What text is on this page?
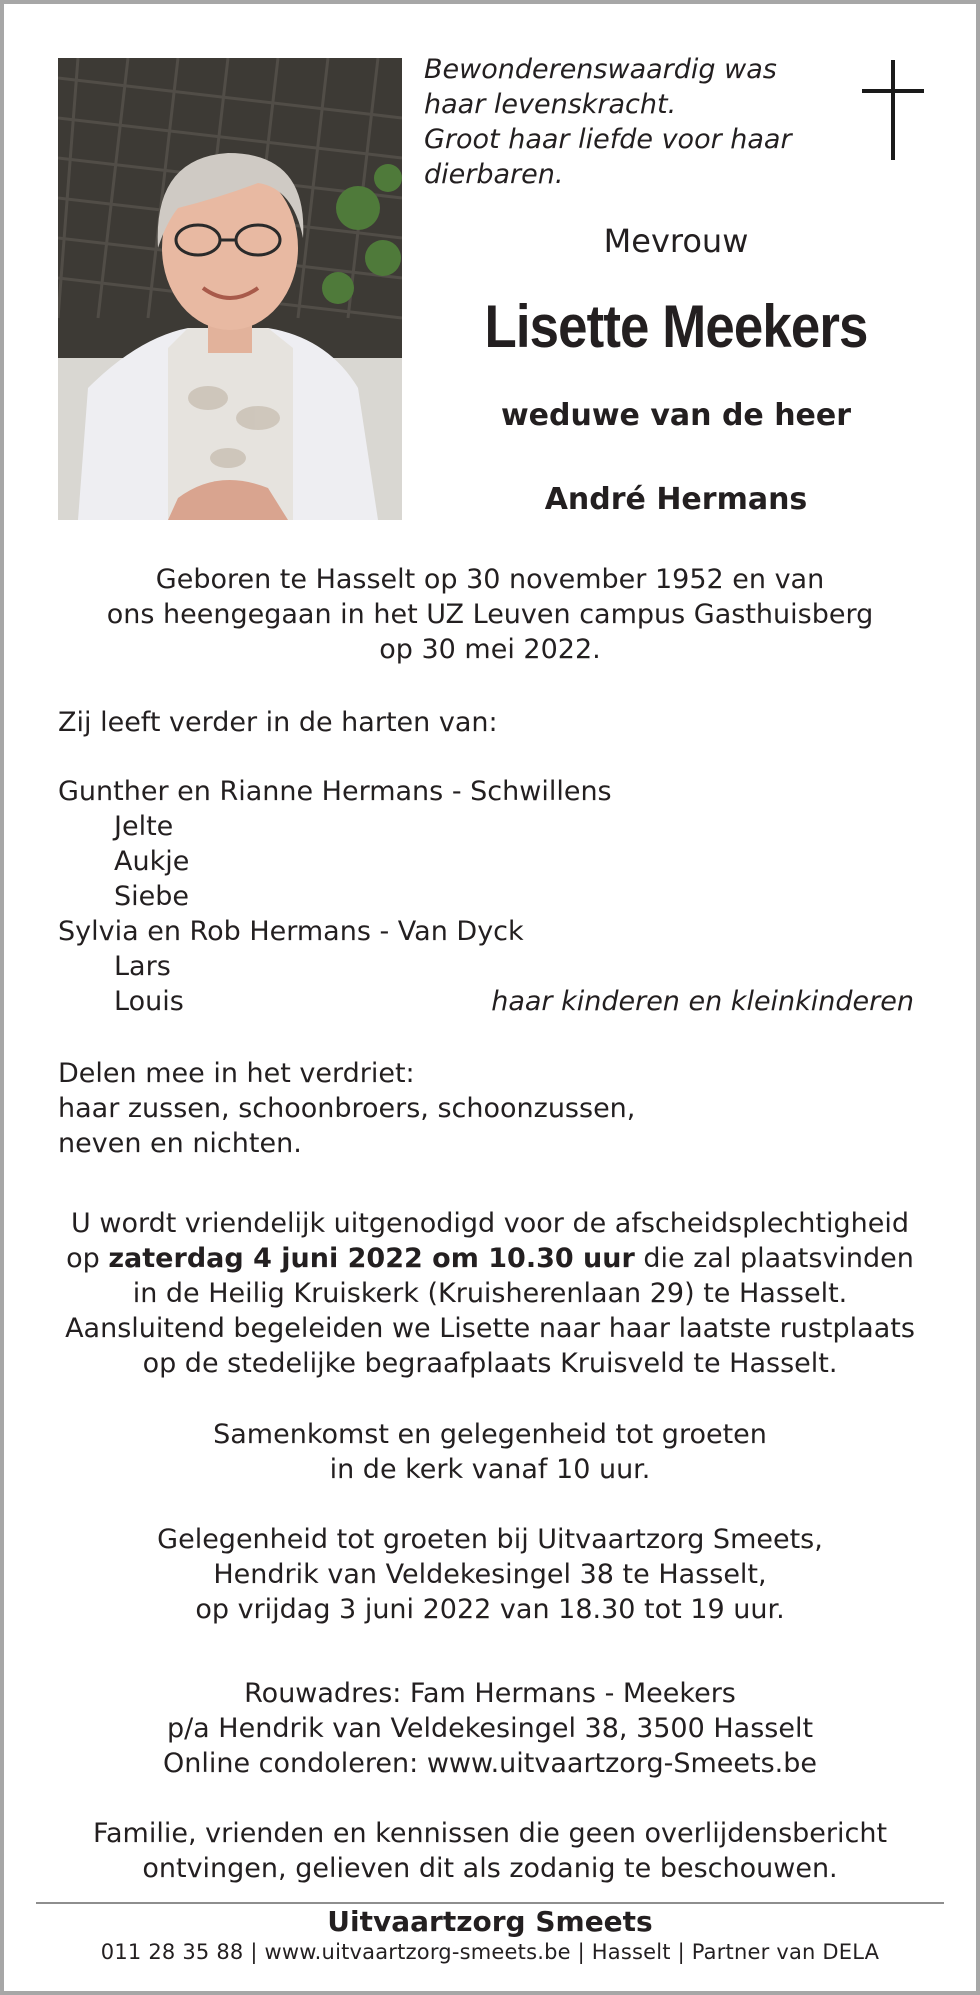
Bewonderenswaardig was
haar levenskracht.
Groot haar liefde voor haar
dierbaren.

Mevrouw
Lisette Meekers
weduwe van de heer
André Hermans

Geboren te Hasselt op 30 november 1952 en van

ons heengegaan in het UZ Leuven campus Gasthuisberg

op 30 mei 2022.

Zij leeft verder in de harten van:
Gunther en Rianne Hermans - Schwillens
Jelte
Aukje
Siebe
Sylvia en Rob Hermans - Van Dyck
Lars
Louis	haar kinderen en kleinkinderen

Delen mee in het verdriet:

haar zussen, schoonbroers, schoonzussen,

neven en nichten.

U wordt vriendelijk uitgenodigd voor de afscheidsplechtigheid

op zaterdag 4 juni 2022 om 10.30 uur die zal plaatsvinden

in de Heilig Kruiskerk (Kruisherenlaan 29) te Hasselt.

Aansluitend begeleiden we Lisette naar haar laatste rustplaats

op de stedelijke begraafplaats Kruisveld te Hasselt.

Samenkomst en gelegenheid tot groeten

in de kerk vanaf 10 uur.

Gelegenheid tot groeten bij Uitvaartzorg Smeets,

Hendrik van Veldekesingel 38 te Hasselt,

op vrijdag 3 juni 2022 van 18.30 tot 19 uur.

Rouwadres: Fam Hermans - Meekers

p/a Hendrik van Veldekesingel 38, 3500 Hasselt

Online condoleren: www.uitvaartzorg-Smeets.be

Familie, vrienden en kennissen die geen overlijdensbericht

ontvingen, gelieven dit als zodanig te beschouwen.

Uitvaartzorg Smeets
011 28 35 88 | www.uitvaartzorg-smeets.be | Hasselt | Partner van DELA
